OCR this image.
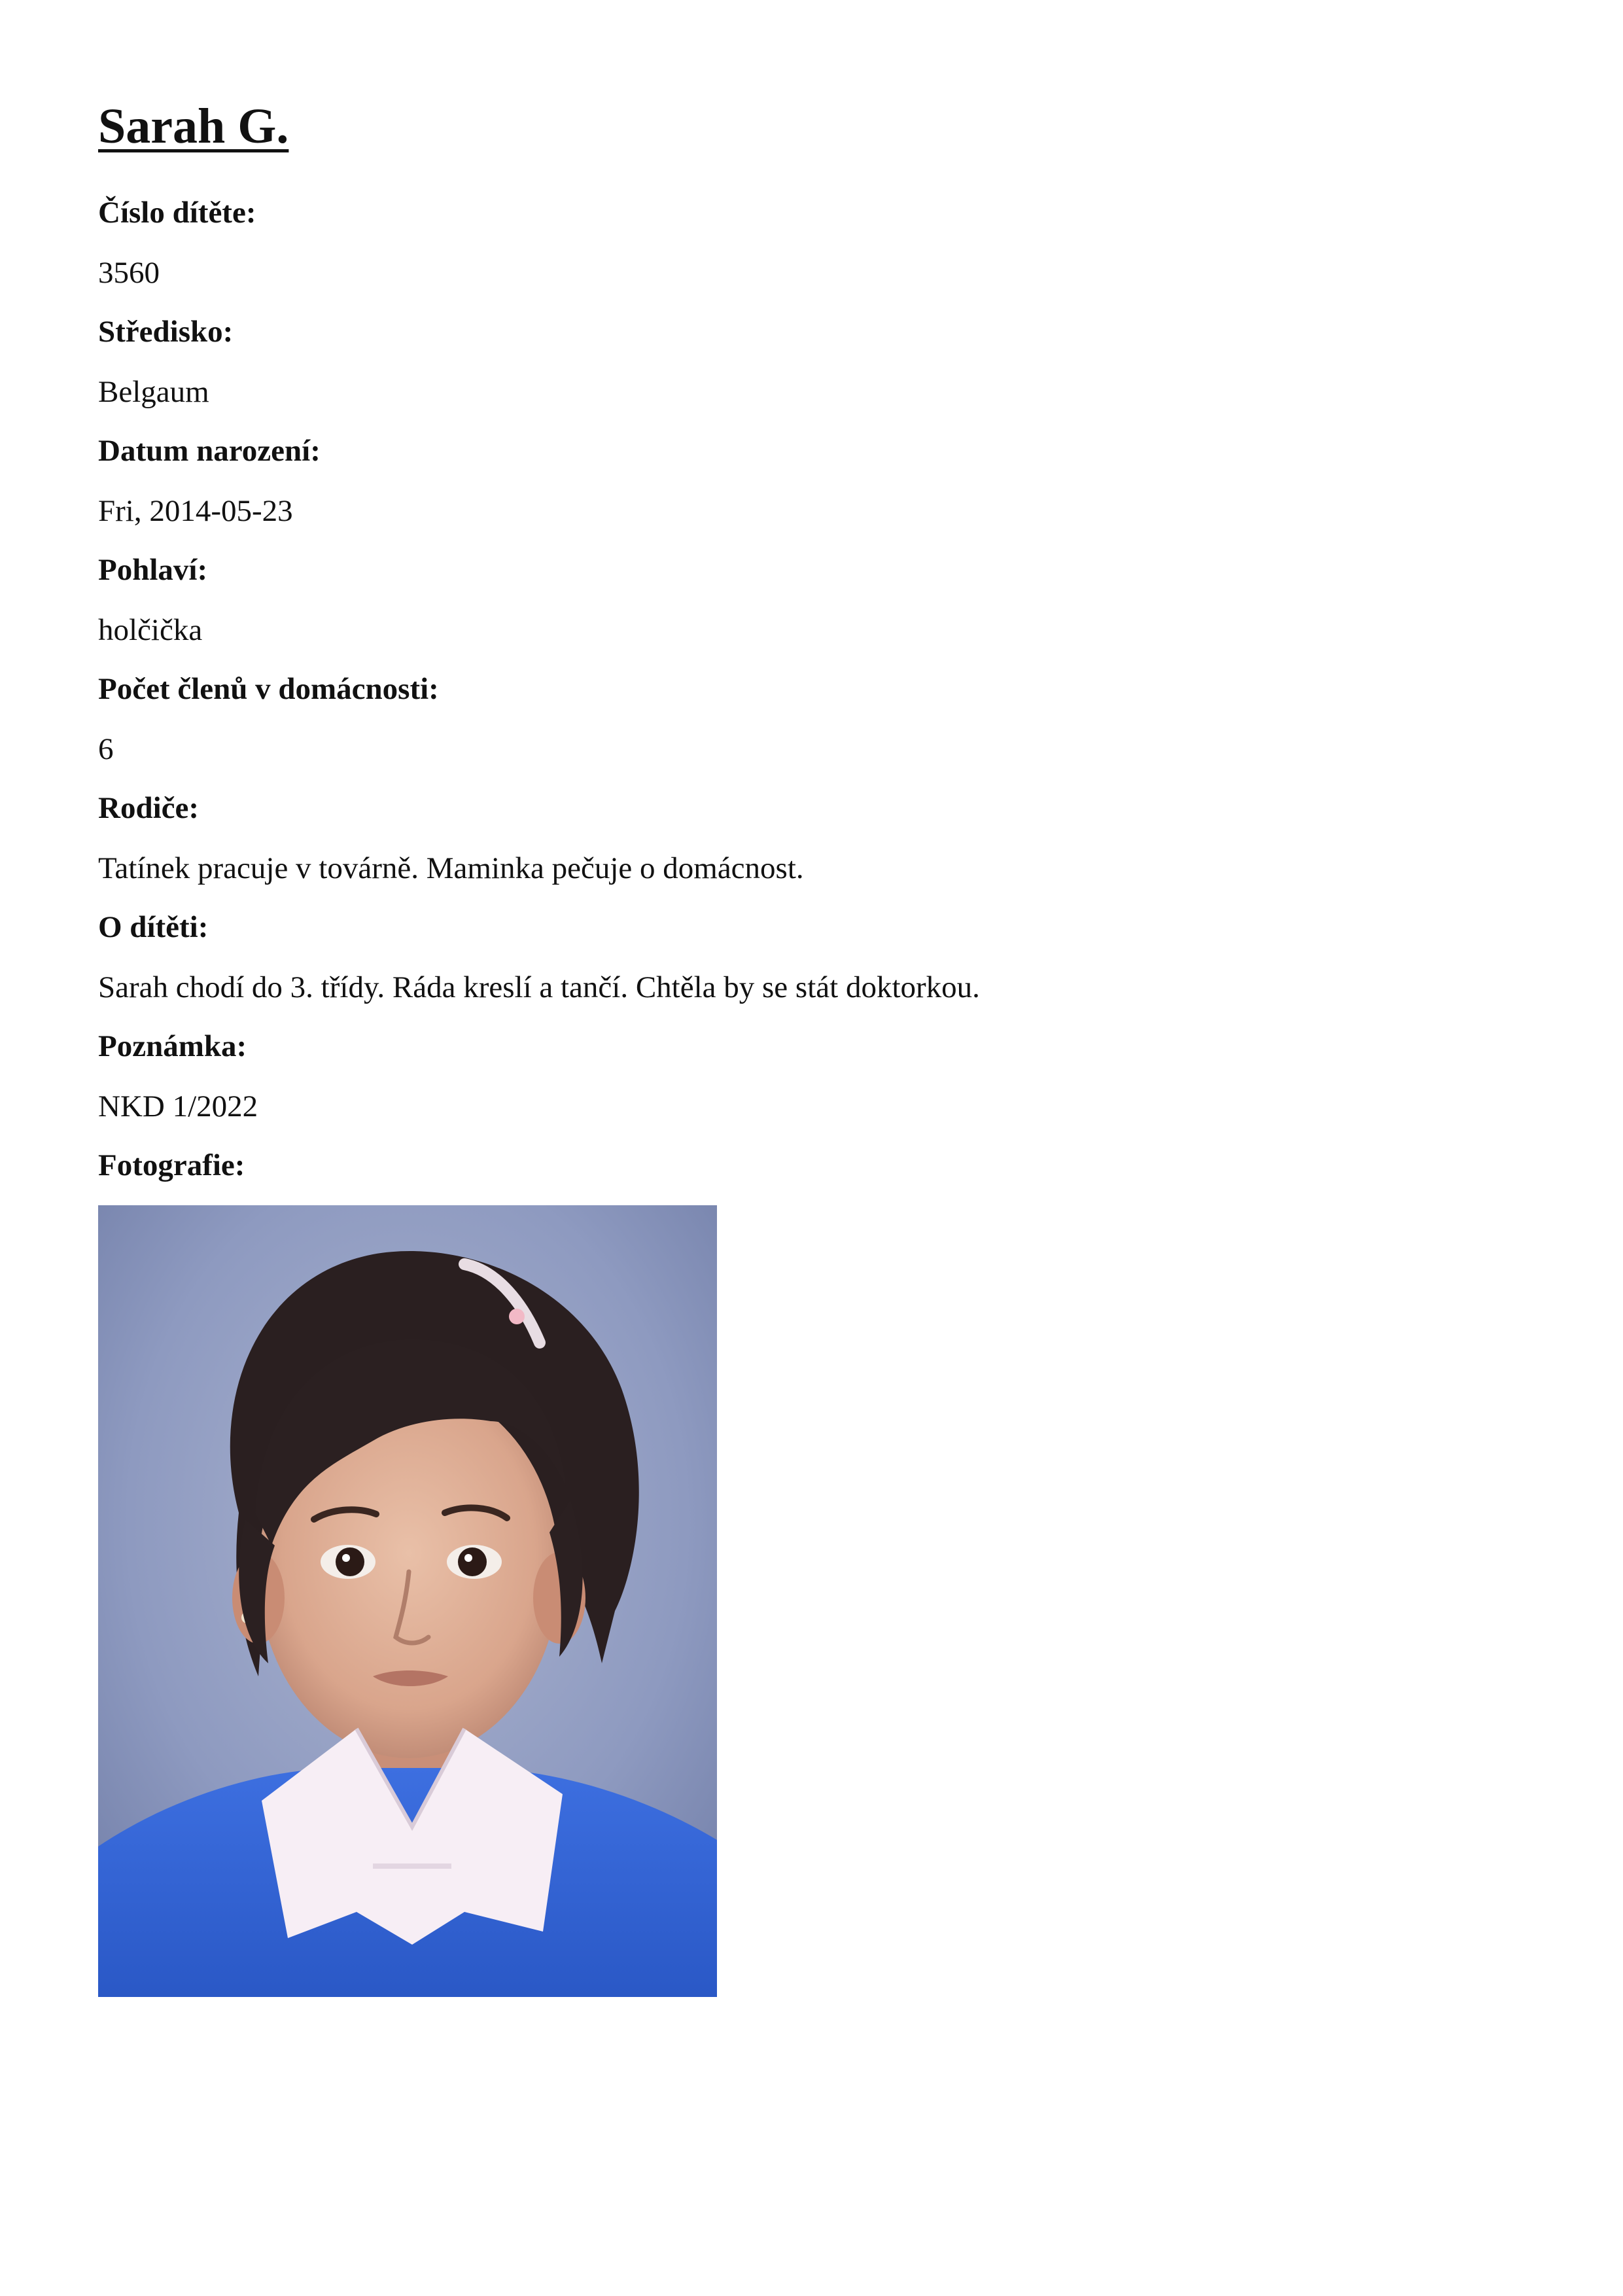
Sarah G.
Číslo dítěte:
3560
Středisko:
Belgaum
Datum narození:
Fri, 2014-05-23
Pohlaví:
holčička
Počet členů v domácnosti:
6
Rodiče:
Tatínek pracuje v továrně. Maminka pečuje o domácnost.
O dítěti:
Sarah chodí do 3. třídy. Ráda kreslí a tančí. Chtěla by se stát doktorkou.
Poznámka:
NKD 1/2022
Fotografie:
